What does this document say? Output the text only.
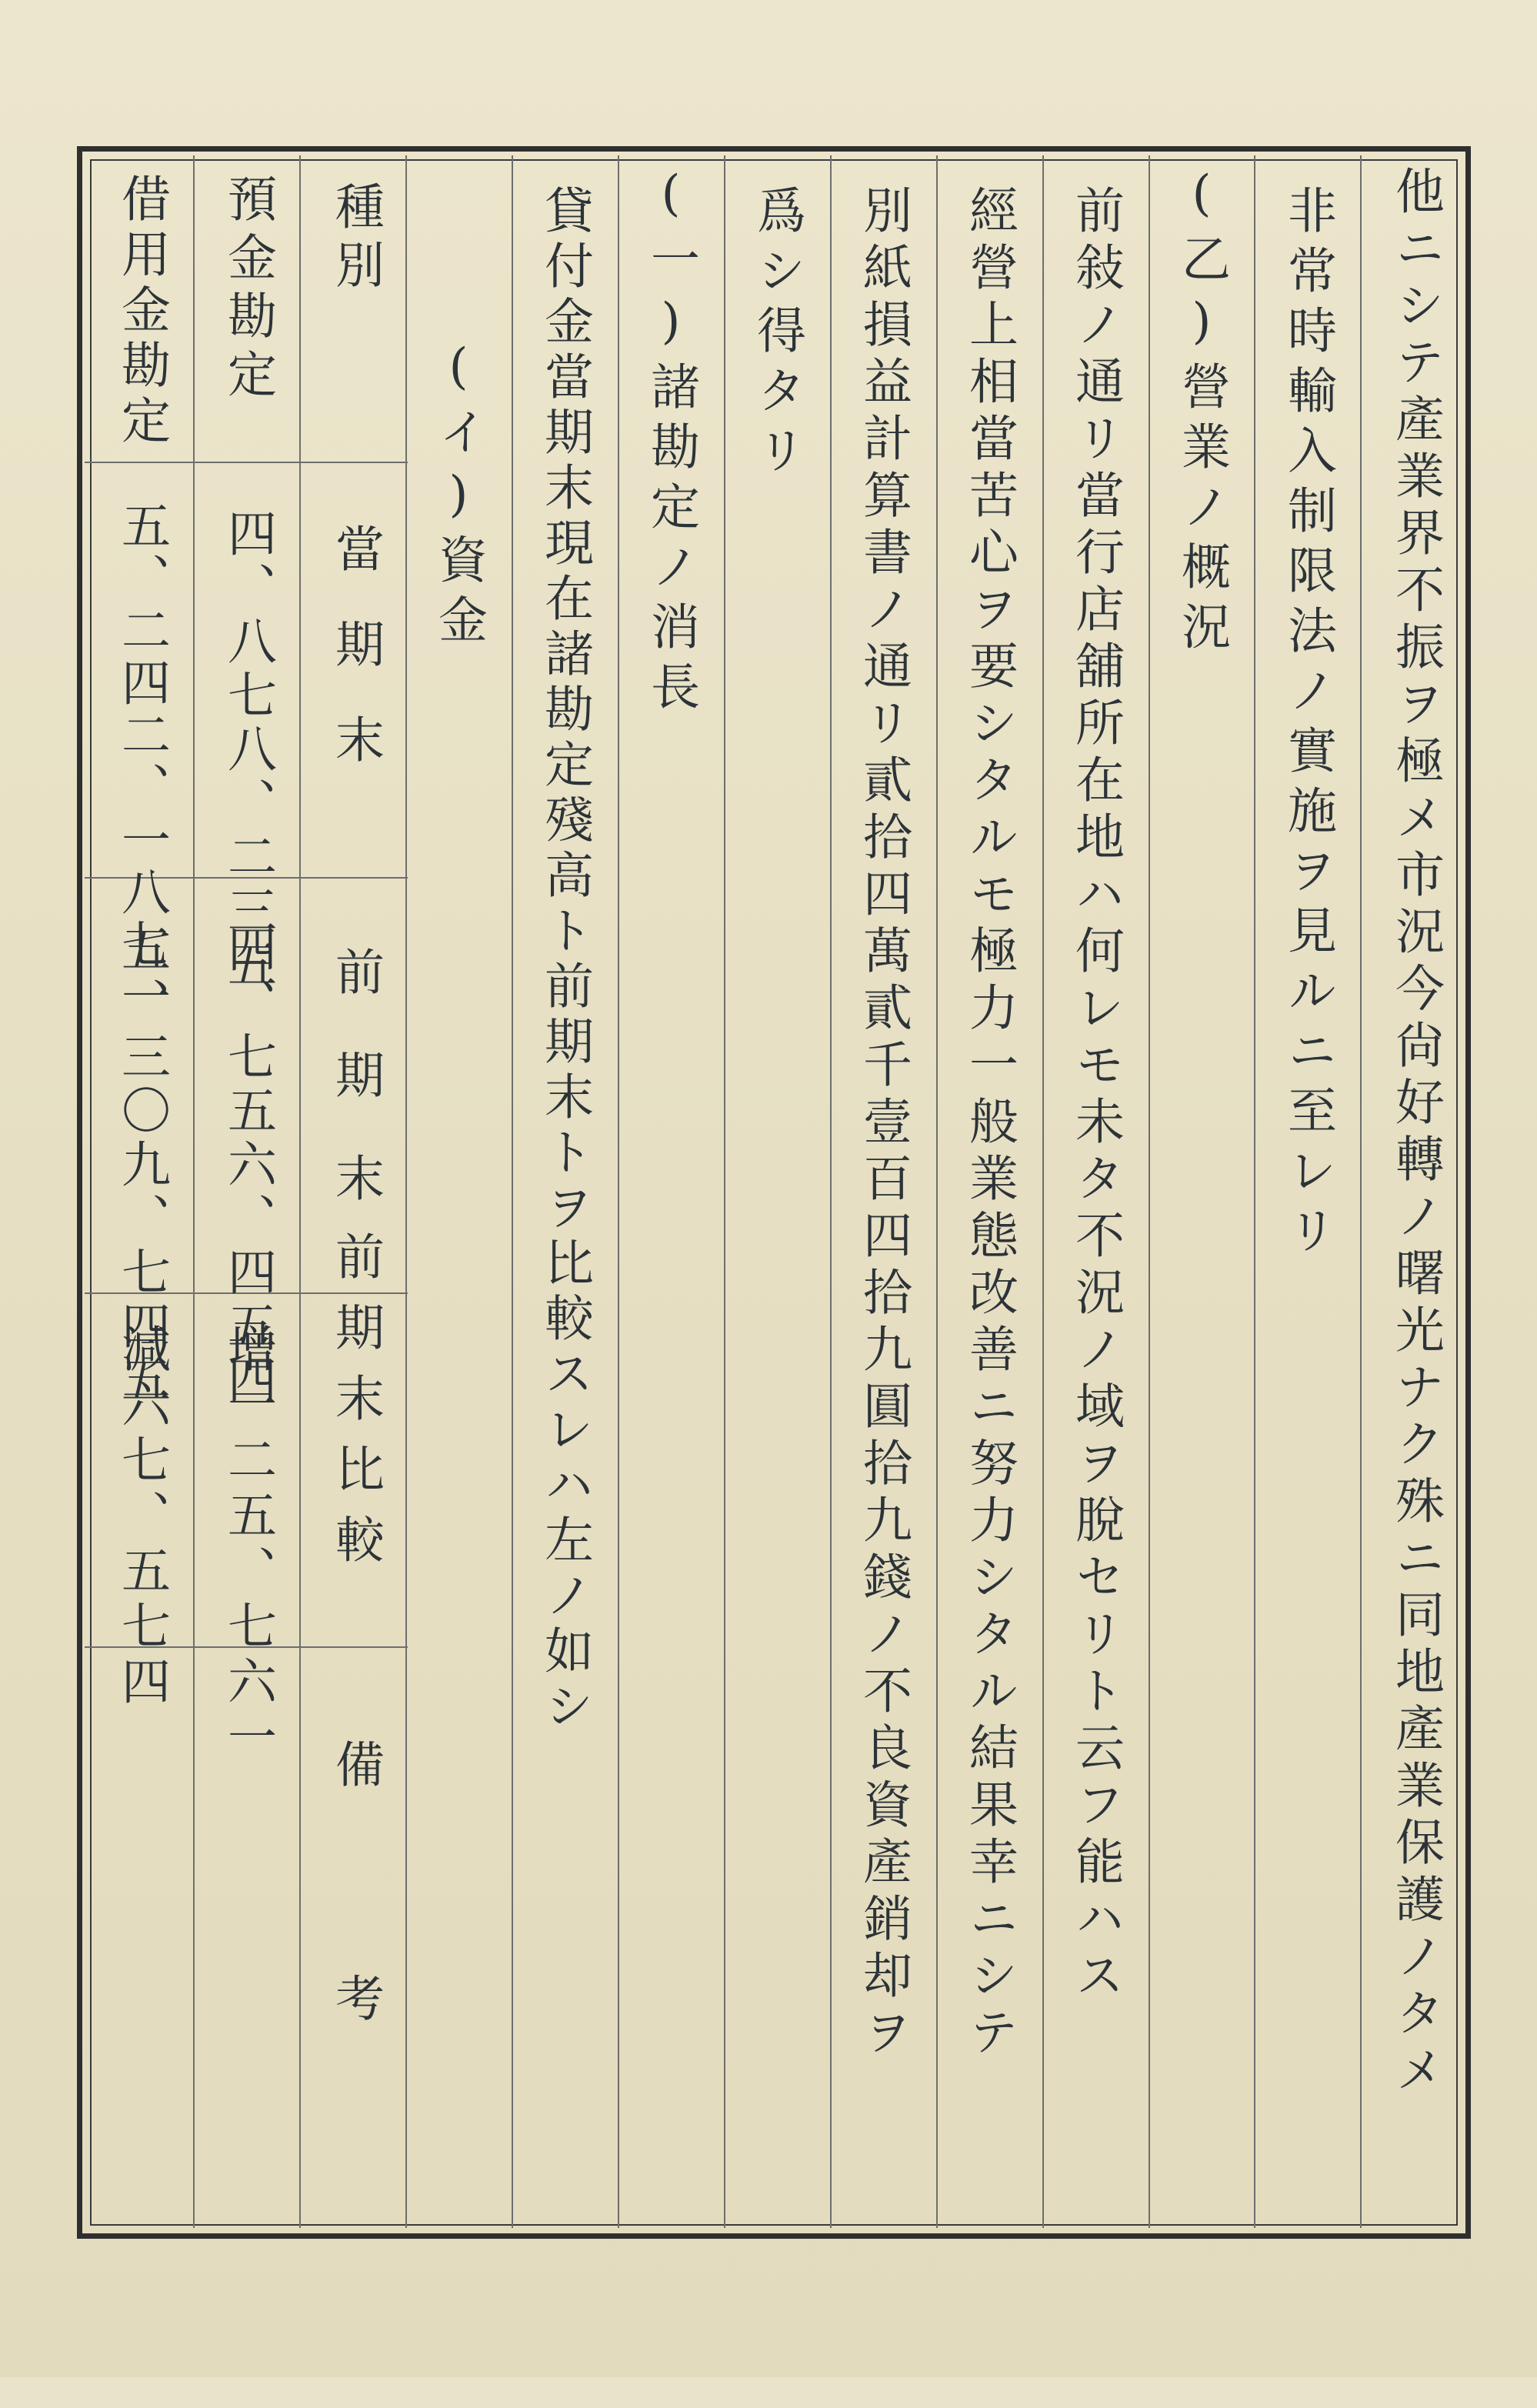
他ニシテ產業界不振ヲ極メ市況今尙好轉ノ曙光ナク殊ニ同地產業保護ノタメ
非常時輸入制限法ノ實施ヲ見ルニ至レリ
(乙)營業ノ概況
前敍ノ通リ當行店舖所在地ハ何レモ未タ不況ノ域ヲ脫セリト云フ能ハス
經營上相當苦心ヲ要シタルモ極力一般業態改善ニ努力シタル結果幸ニシテ
別紙損益計算書ノ通リ貳拾四萬貳千壹百四拾九圓拾九錢ノ不良資產銷却ヲ
爲シ得タリ
(一)諸勘定ノ消長
貸付金當期末現在諸勘定殘高ト前期末トヲ比較スレハ左ノ如シ
(イ)資金
種別
當期末
前期末
前期末比較
備考
預金勘定
四、八七八、二三五
四、七五六、四五四
增一二五、七六一
借用金勘定
五、二四二、一八七一
五、三〇九、七四五
減六七、五七四
